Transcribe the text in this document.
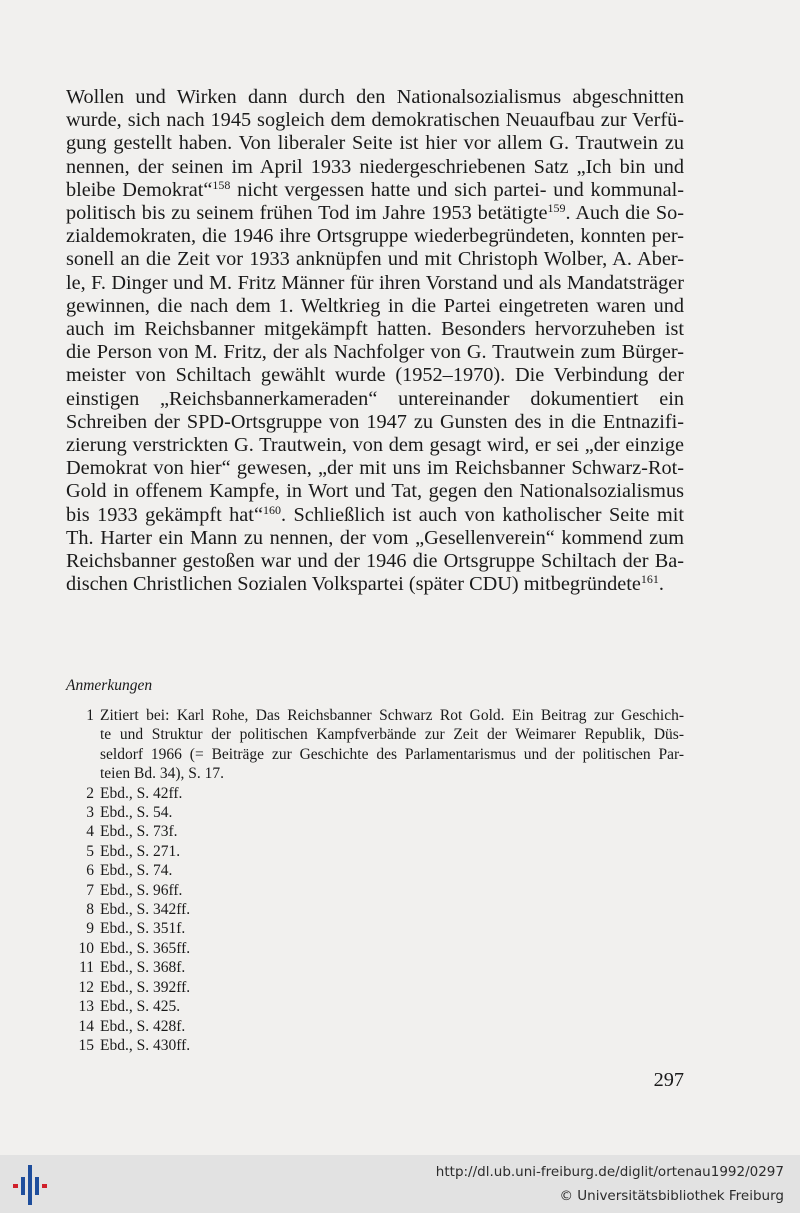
Wollen und Wirken dann durch den Nationalsozialismus abgeschnitten
wurde, sich nach 1945 sogleich dem demokratischen Neuaufbau zur Verfü-
gung gestellt haben. Von liberaler Seite ist hier vor allem G. Trautwein zu
nennen, der seinen im April 1933 niedergeschriebenen Satz „Ich bin und
bleibe Demokrat“$^{158}$ nicht vergessen hatte und sich partei- und kommunal-
politisch bis zu seinem frühen Tod im Jahre 1953 betätigte$^{159}$. Auch die So-
zialdemokraten, die 1946 ihre Ortsgruppe wiederbegründeten, konnten per-
sonell an die Zeit vor 1933 anknüpfen und mit Christoph Wolber, A. Aber-
le, F. Dinger und M. Fritz Männer für ihren Vorstand und als Mandatsträger
gewinnen, die nach dem 1. Weltkrieg in die Partei eingetreten waren und
auch im Reichsbanner mitgekämpft hatten. Besonders hervorzuheben ist
die Person von M. Fritz, der als Nachfolger von G. Trautwein zum Bürger-
meister von Schiltach gewählt wurde (1952–1970). Die Verbindung der
einstigen „Reichsbannerkameraden“ untereinander dokumentiert ein
Schreiben der SPD-Ortsgruppe von 1947 zu Gunsten des in die Entnazifi-
zierung verstrickten G. Trautwein, von dem gesagt wird, er sei „der einzige
Demokrat von hier“ gewesen, „der mit uns im Reichsbanner Schwarz-Rot-
Gold in offenem Kampfe, in Wort und Tat, gegen den Nationalsozialismus
bis 1933 gekämpft hat“$^{160}$. Schließlich ist auch von katholischer Seite mit
Th. Harter ein Mann zu nennen, der vom „Gesellenverein“ kommend zum
Reichsbanner gestoßen war und der 1946 die Ortsgruppe Schiltach der Ba-
dischen Christlichen Sozialen Volkspartei (später CDU) mitbegründete$^{161}$.
Anmerkungen
1 Zitiert bei: Karl Rohe, Das Reichsbanner Schwarz Rot Gold. Ein Beitrag zur Geschich-
te und Struktur der politischen Kampfverbände zur Zeit der Weimarer Republik, Düs-
seldorf 1966 (= Beiträge zur Geschichte des Parlamentarismus und der politischen Par-
teien Bd. 34), S. 17.
2 Ebd., S. 42ff.
3 Ebd., S. 54.
4 Ebd., S. 73f.
5 Ebd., S. 271.
6 Ebd., S. 74.
7 Ebd., S. 96ff.
8 Ebd., S. 342ff.
9 Ebd., S. 351f.
10 Ebd., S. 365ff.
11 Ebd., S. 368f.
12 Ebd., S. 392ff.
13 Ebd., S. 425.
14 Ebd., S. 428f.
15 Ebd., S. 430ff.
297
http://dl.ub.uni-freiburg.de/diglit/ortenau1992/0297
© Universitätsbibliothek Freiburg
